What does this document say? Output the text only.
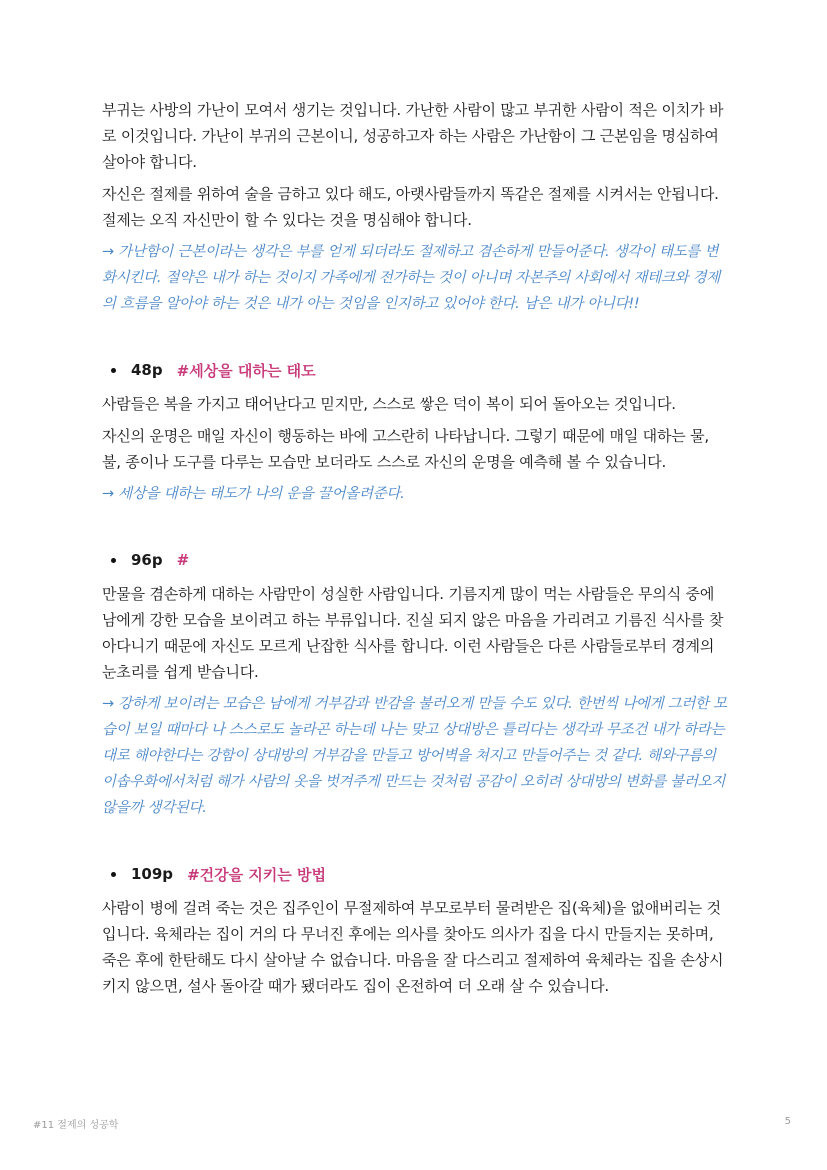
부귀는 사방의 가난이 모여서 생기는 것입니다. 가난한 사람이 많고 부귀한 사람이 적은 이치가 바로 이것입니다. 가난이 부귀의 근본이니, 성공하고자 하는 사람은 가난함이 그 근본임을 명심하여 살아야 합니다.

자신은 절제를 위하여 술을 금하고 있다 해도, 아랫사람들까지 똑같은 절제를 시켜서는 안됩니다. 절제는 오직 자신만이 할 수 있다는 것을 명심해야 합니다.

→ 가난함이 근본이라는 생각은 부를 얻게 되더라도 절제하고 겸손하게 만들어준다. 생각이 태도를 변화시킨다. 절약은 내가 하는 것이지 가족에게 전가하는 것이 아니며 자본주의 사회에서 재테크와 경제의 흐름을 알아야 하는 것은 내가 아는 것임을 인지하고 있어야 한다. 남은 내가 아니다!!

48p #세상을 대하는 태도

사람들은 복을 가지고 태어난다고 믿지만, 스스로 쌓은 덕이 복이 되어 돌아오는 것입니다.

자신의 운명은 매일 자신이 행동하는 바에 고스란히 나타납니다. 그렇기 때문에 매일 대하는 물, 불, 종이나 도구를 다루는 모습만 보더라도 스스로 자신의 운명을 예측해 볼 수 있습니다.

→ 세상을 대하는 태도가 나의 운을 끌어올려준다.

96p #

만물을 겸손하게 대하는 사람만이 성실한 사람입니다. 기름지게 많이 먹는 사람들은 무의식 중에 남에게 강한 모습을 보이려고 하는 부류입니다. 진실 되지 않은 마음을 가리려고 기름진 식사를 찾아다니기 때문에 자신도 모르게 난잡한 식사를 합니다. 이런 사람들은 다른 사람들로부터 경계의 눈초리를 쉽게 받습니다.

→ 강하게 보이려는 모습은 남에게 거부감과 반감을 불러오게 만들 수도 있다. 한번씩 나에게 그러한 모습이 보일 때마다 나 스스로도 놀라곤 하는데 나는 맞고 상대방은 틀리다는 생각과 무조건 내가 하라는 대로 해야한다는 강함이 상대방의 거부감을 만들고 방어벽을 쳐지고 만들어주는 것 같다. 해와구름의 이솝우화에서처럼 해가 사람의 옷을 벗겨주게 만드는 것처럼 공감이 오히려 상대방의 변화를 불러오지 않을까 생각된다.

109p #건강을 지키는 방법

사람이 병에 걸려 죽는 것은 집주인이 무절제하여 부모로부터 물려받은 집(육체)을 없애버리는 것입니다. 육체라는 집이 거의 다 무너진 후에는 의사를 찾아도 의사가 집을 다시 만들지는 못하며, 죽은 후에 한탄해도 다시 살아날 수 없습니다. 마음을 잘 다스리고 절제하여 육체라는 집을 손상시키지 않으면, 설사 돌아갈 때가 됐더라도 집이 온전하여 더 오래 살 수 있습니다.

#11 절제의 성공학	5
